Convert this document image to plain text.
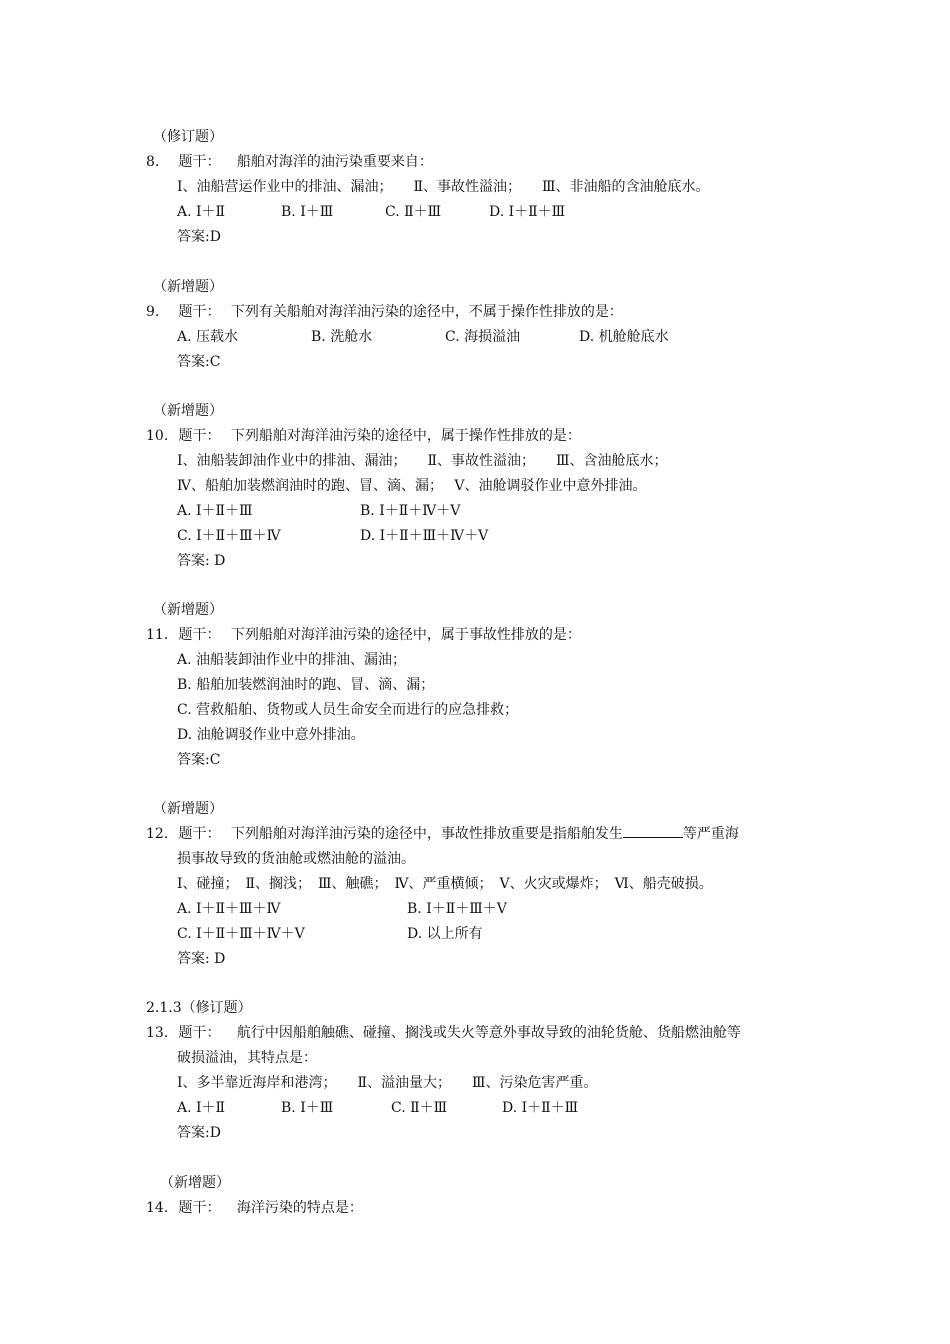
（修订题）
8. 题干： 船舶对海洋的油污染重要来自：
Ⅰ、油船营运作业中的排油、漏油；　　Ⅱ、事故性溢油；　　Ⅲ、非油船的含油舱底水。
A. Ⅰ＋Ⅱ	B. Ⅰ＋Ⅲ	C. Ⅱ＋Ⅲ	D. Ⅰ＋Ⅱ＋Ⅲ
答案:D
（新增题）
9. 题干： 下列有关船舶对海洋油污染的途径中，不属于操作性排放的是：
A. 压载水	B. 洗舱水	C. 海损溢油	D. 机舱舱底水
答案:C
（新增题）
10. 题干： 下列船舶对海洋油污染的途径中，属于操作性排放的是：
Ⅰ、油船装卸油作业中的排油、漏油；　　Ⅱ、事故性溢油；　　Ⅲ、含油舱底水；
Ⅳ、船舶加装燃润油时的跑、冒、滴、漏；　 Ⅴ、油舱调驳作业中意外排油。
A. Ⅰ＋Ⅱ＋Ⅲ	B. Ⅰ＋Ⅱ＋Ⅳ＋Ⅴ
C. Ⅰ＋Ⅱ＋Ⅲ＋Ⅳ	D. Ⅰ＋Ⅱ＋Ⅲ＋Ⅳ＋Ⅴ
答案: D
（新增题）
11. 题干： 下列船舶对海洋油污染的途径中，属于事故性排放的是：
A. 油船装卸油作业中的排油、漏油；
B. 船舶加装燃润油时的跑、冒、滴、漏；
C. 营救船舶、货物或人员生命安全而进行的应急排救；
D. 油舱调驳作业中意外排油。
答案:C
（新增题）
12. 题干： 下列船舶对海洋油污染的途径中，事故性排放重要是指船舶发生	等严重海
损事故导致的货油舱或燃油舱的溢油。
Ⅰ、碰撞；　Ⅱ、搁浅；　Ⅲ、触礁；　Ⅳ、严重横倾；　Ⅴ、火灾或爆炸；　Ⅵ、船壳破损。
A. Ⅰ＋Ⅱ＋Ⅲ＋Ⅳ	B. Ⅰ＋Ⅱ＋Ⅲ＋Ⅴ
C. Ⅰ＋Ⅱ＋Ⅲ＋Ⅳ＋Ⅴ	D. 以上所有
答案: D
2.1.3（修订题）
13. 题干： 航行中因船舶触礁、碰撞、搁浅或失火等意外事故导致的油轮货舱、货船燃油舱等
破损溢油，其特点是：
Ⅰ、多半靠近海岸和港湾；　　Ⅱ、溢油量大；　　Ⅲ、污染危害严重。
A. Ⅰ＋Ⅱ	B. Ⅰ＋Ⅲ	C. Ⅱ＋Ⅲ	D. Ⅰ＋Ⅱ＋Ⅲ
答案:D
（新增题）
14. 题干： 海洋污染的特点是：
